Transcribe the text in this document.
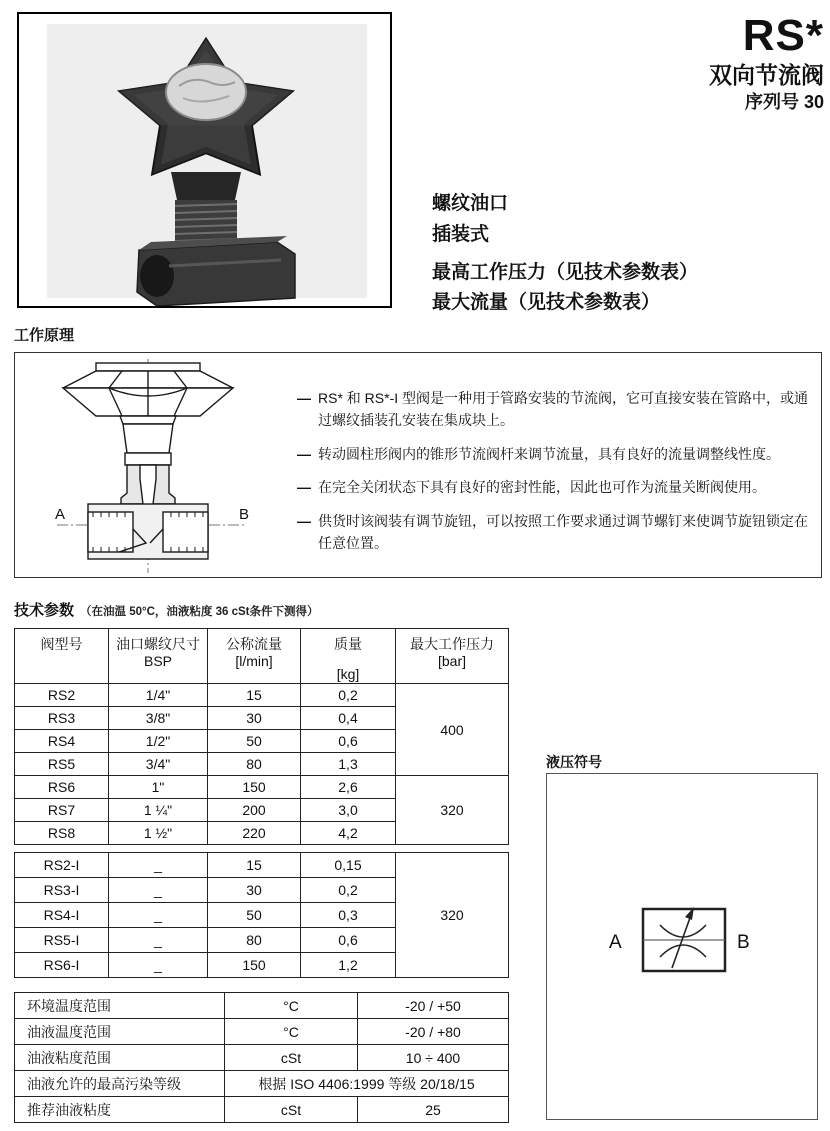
RS*
双向节流阀
序列号 30
螺纹油口
插装式
最高工作压力（见技术参数表）
最大流量（见技术参数表）
工作原理
A	B
— RS* 和 RS*-I 型阀是一种用于管路安装的节流阀，它可直接安装在管路中，或通过螺纹插装孔安装在集成块上。
— 转动圆柱形阀内的锥形节流阀杆来调节流量，具有良好的流量调整线性度。
— 在完全关闭状态下具有良好的密封性能，因此也可作为流量关断阀使用。
— 供货时该阀装有调节旋钮，可以按照工作要求通过调节螺钉来使调节旋钮锁定在任意位置。
技术参数 （在油温 50°C，油液粘度 36 cSt条件下测得）
阀型号	油口螺纹尺寸
BSP

公称流量
[l/min]

质量
[kg]

最大工作压力
[bar]

RS2	1/4"	15	0,2	400
RS3	3/8"	30	0,4	
RS4	1/2"	50	0,6	
RS5	3/4"	80	1,3	
RS6	1"	150	2,6	320
RS7	1 ¼"	200	3,0	
RS8	1 ½"	220	4,2	
RS2-I	_	15	0,15	320
RS3-I	_	30	0,2	
RS4-I	_	50	0,3	
RS5-I	_	80	0,6	
RS6-I	_	150	1,2	
环境温度范围	°C	-20 / +50
油液温度范围	°C	-20 / +80
油液粘度范围	cSt	10 ÷ 400
油液允许的最高污染等级	根据 ISO 4406:1999 等级 20/18/15	
推荐油液粘度	cSt	25
液压符号
A	B
